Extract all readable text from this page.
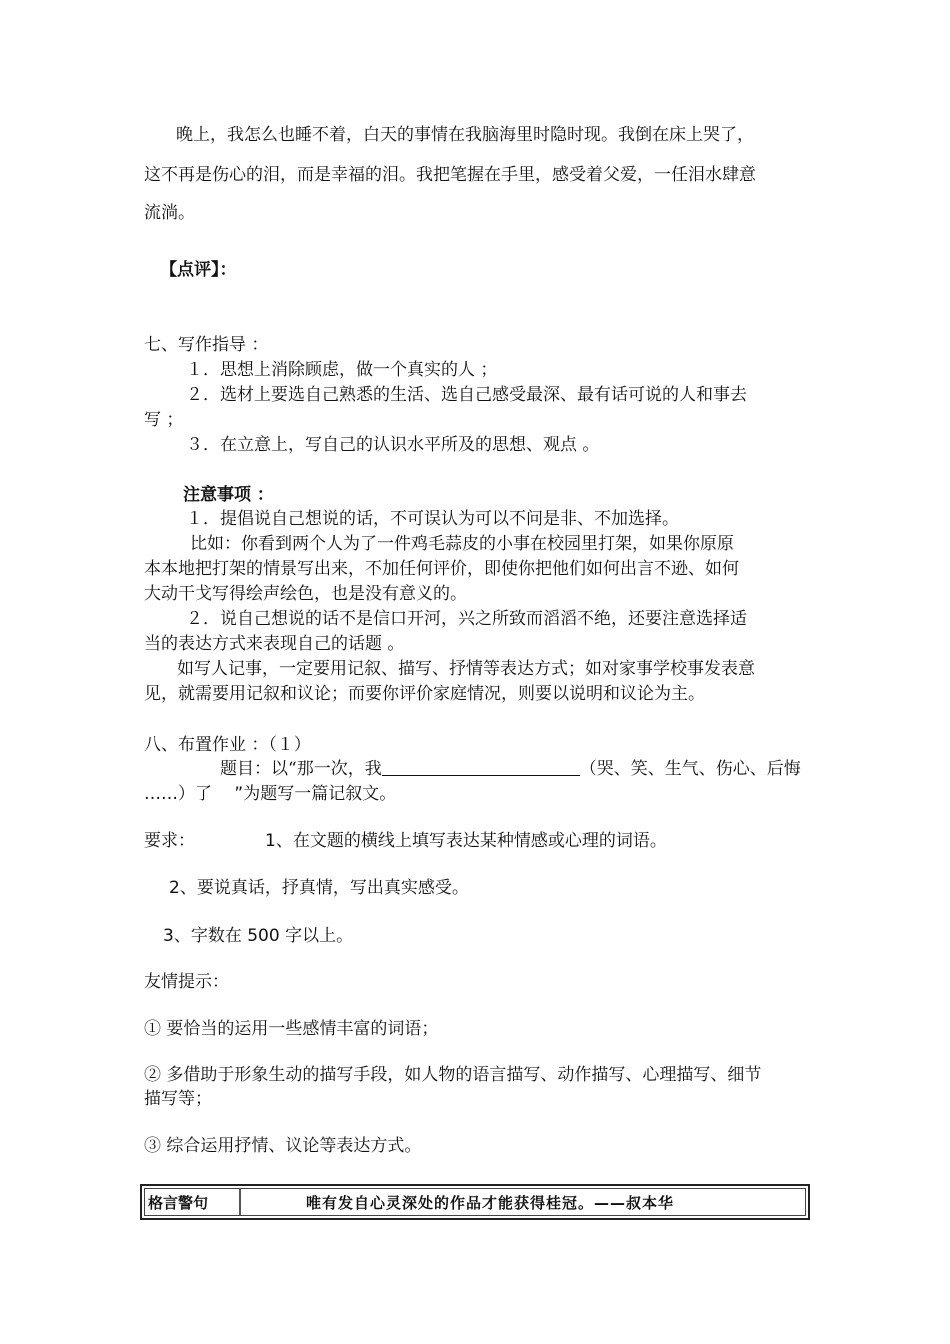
晚上，我怎么也睡不着，白天的事情在我脑海里时隐时现。我倒在床上哭了，
这不再是伤心的泪，而是幸福的泪。我把笔握在手里，感受着父爱，一任泪水肆意
流淌。
【点评】：
七、写作指导 ：
１．思想上消除顾虑，做一个真实的人 ；
２．选材上要选自己熟悉的生活、选自己感受最深、最有话可说的人和事去
写 ；
３．在立意上，写自己的认识水平所及的思想、观点 。
注意事项 ：
１．提倡说自己想说的话，不可误认为可以不问是非、不加选择。
比如：你看到两个人为了一件鸡毛蒜皮的小事在校园里打架，如果你原原
本本地把打架的情景写出来，不加任何评价，即使你把他们如何出言不逊、如何
大动干戈写得绘声绘色，也是没有意义的。
２．说自己想说的话不是信口开河，兴之所致而滔滔不绝，还要注意选择适
当的表达方式来表现自己的话题 。
如写人记事，一定要用记叙、描写、抒情等表达方式；如对家事学校事发表意
见，就需要用记叙和议论；而要你评价家庭情况，则要以说明和议论为主。
八、布置作业 ：（１）
题目：以“那一次，我	（哭、笑、生气、伤心、后悔
……）了 　”为题写一篇记叙文。
要求：	1、在文题的横线上填写表达某种情感或心理的词语。
2、要说真话，抒真情，写出真实感受。
3、字数在 500 字以上。
友情提示：
① 要恰当的运用一些感情丰富的词语；
② 多借助于形象生动的描写手段，如人物的语言描写、动作描写、心理描写、细节
描写等；
③ 综合运用抒情、议论等表达方式。
格言警句	唯有发自心灵深处的作品才能获得桂冠。——叔本华
